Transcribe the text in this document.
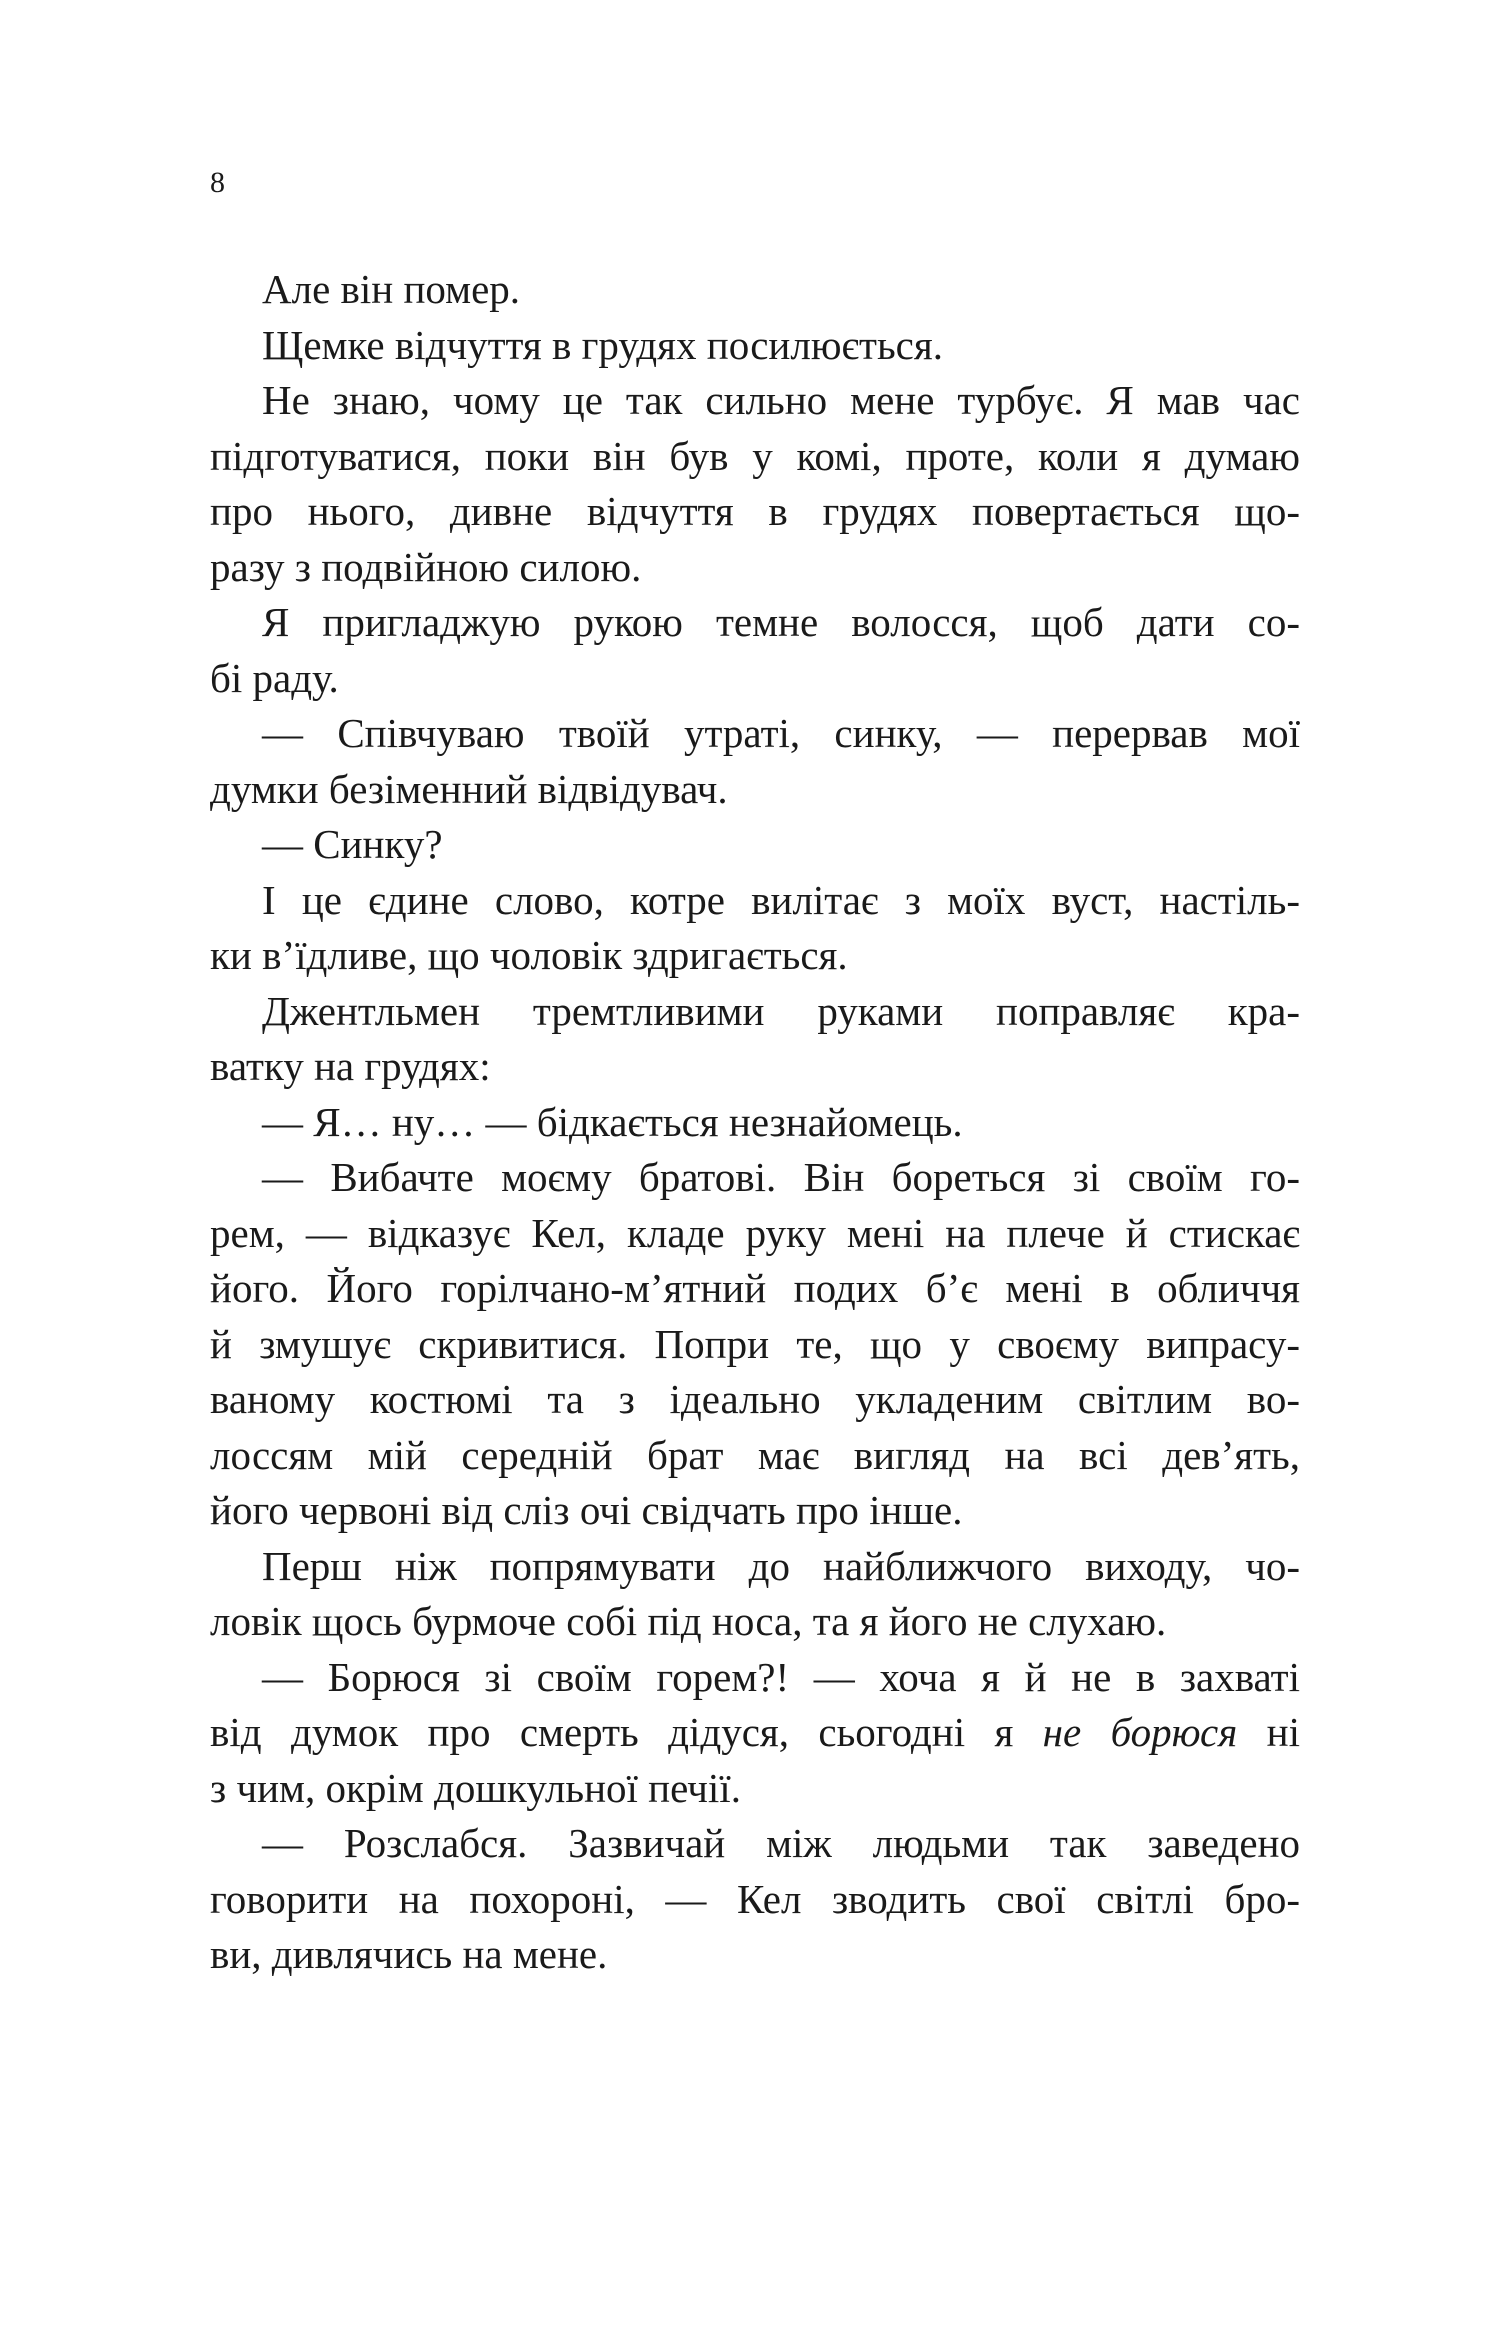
8

Але він помер.

Щемке відчуття в грудях посилюється.

Не знаю, чому це так сильно мене турбує. Я мав час
підготуватися, поки він був у комі, проте, коли я думаю
про нього, дивне відчуття в грудях повертається що-
разу з подвійною силою.

Я пригладжую рукою темне волосся, щоб дати со-
бі раду.

— Співчуваю твоїй утраті, синку, — перервав мої
думки безіменний відвідувач.

— Синку?

І це єдине слово, котре вилітає з моїх вуст, настіль-
ки в’їдливе, що чоловік здригається.

Джентльмен тремтливими руками поправляє кра-
ватку на грудях:

— Я… ну… — бідкається незнайомець.

— Вибачте моєму братові. Він бореться зі своїм го-
рем, — відказує Кел, кладе руку мені на плече й стискає
його. Його горілчано-м’ятний подих б’є мені в обличчя
й змушує скривитися. Попри те, що у своєму випрасу-
ваному костюмі та з ідеально укладеним світлим во-
лоссям мій середній брат має вигляд на всі дев’ять,
його червоні від сліз очі свідчать про інше.

Перш ніж попрямувати до найближчого виходу, чо-
ловік щось бурмоче собі під носа, та я його не слухаю.

— Борюся зі своїм горем?! — хоча я й не в захваті
від думок про смерть дідуся, сьогодні я не борюся ні
з чим, окрім дошкульної печії.

— Розслабся. Зазвичай між людьми так заведено
говорити на похороні, — Кел зводить свої світлі бро-
ви, дивлячись на мене.
